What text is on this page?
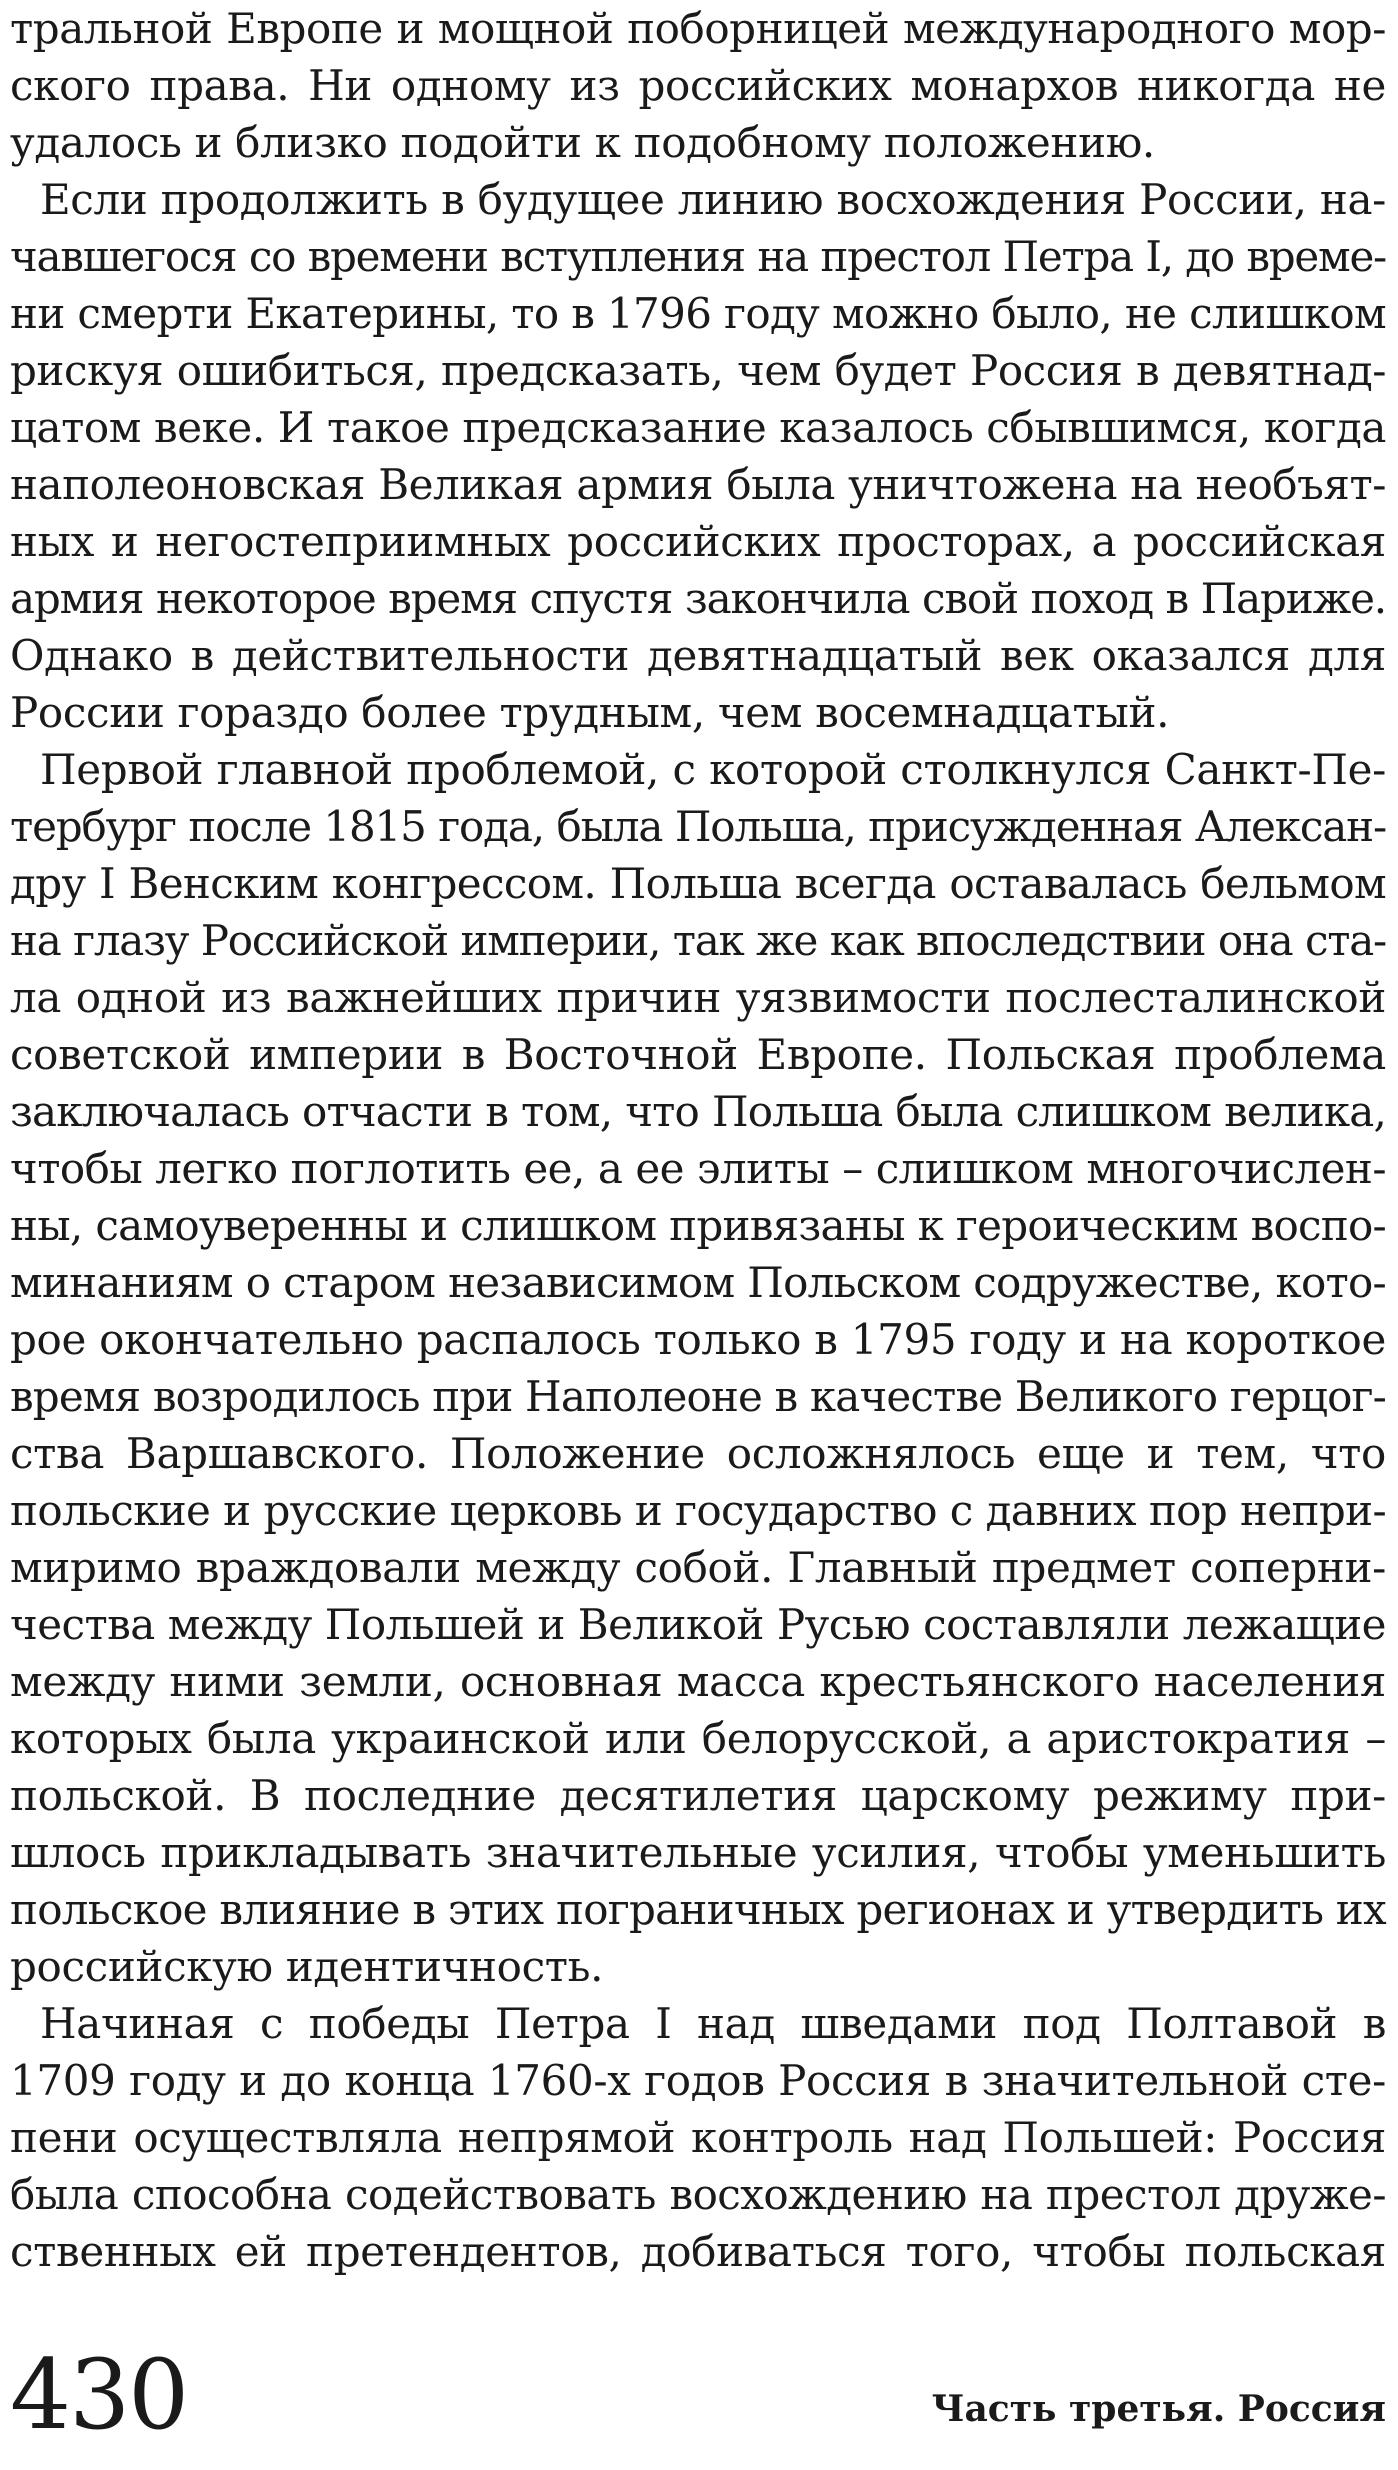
тральной Европе и мощной поборницей международного мор-
ского права. Ни одному из российских монархов никогда не
удалось и близко подойти к подобному положению.
Если продолжить в будущее линию восхождения России, на-
чавшегося со времени вступления на престол Петра I, до време-
ни смерти Екатерины, то в 1796 году можно было, не слишком
рискуя ошибиться, предсказать, чем будет Россия в девятнад-
цатом веке. И такое предсказание казалось сбывшимся, когда
наполеоновская Великая армия была уничтожена на необъят-
ных и негостеприимных российских просторах, а российская
армия некоторое время спустя закончила свой поход в Париже.
Однако в действительности девятнадцатый век оказался для
России гораздо более трудным, чем восемнадцатый.
Первой главной проблемой, с которой столкнулся Санкт-Пе-
тербург после 1815 года, была Польша, присужденная Алексан-
дру I Венским конгрессом. Польша всегда оставалась бельмом
на глазу Российской империи, так же как впоследствии она ста-
ла одной из важнейших причин уязвимости послесталинской
советской империи в Восточной Европе. Польская проблема
заключалась отчасти в том, что Польша была слишком велика,
чтобы легко поглотить ее, а ее элиты – слишком многочислен-
ны, самоуверенны и слишком привязаны к героическим воспо-
минаниям о старом независимом Польском содружестве, кото-
рое окончательно распалось только в 1795 году и на короткое
время возродилось при Наполеоне в качестве Великого герцог-
ства Варшавского. Положение осложнялось еще и тем, что
польские и русские церковь и государство с давних пор непри-
миримо враждовали между собой. Главный предмет соперни-
чества между Польшей и Великой Русью составляли лежащие
между ними земли, основная масса крестьянского населения
которых была украинской или белорусской, а аристократия –
польской. В последние десятилетия царскому режиму при-
шлось прикладывать значительные усилия, чтобы уменьшить
польское влияние в этих пограничных регионах и утвердить их
российскую идентичность.
Начиная с победы Петра I над шведами под Полтавой в
1709 году и до конца 1760-х годов Россия в значительной сте-
пени осуществляла непрямой контроль над Польшей: Россия
была способна содействовать восхождению на престол друже-
ственных ей претендентов, добиваться того, чтобы польская
430	Часть третья. Россия
